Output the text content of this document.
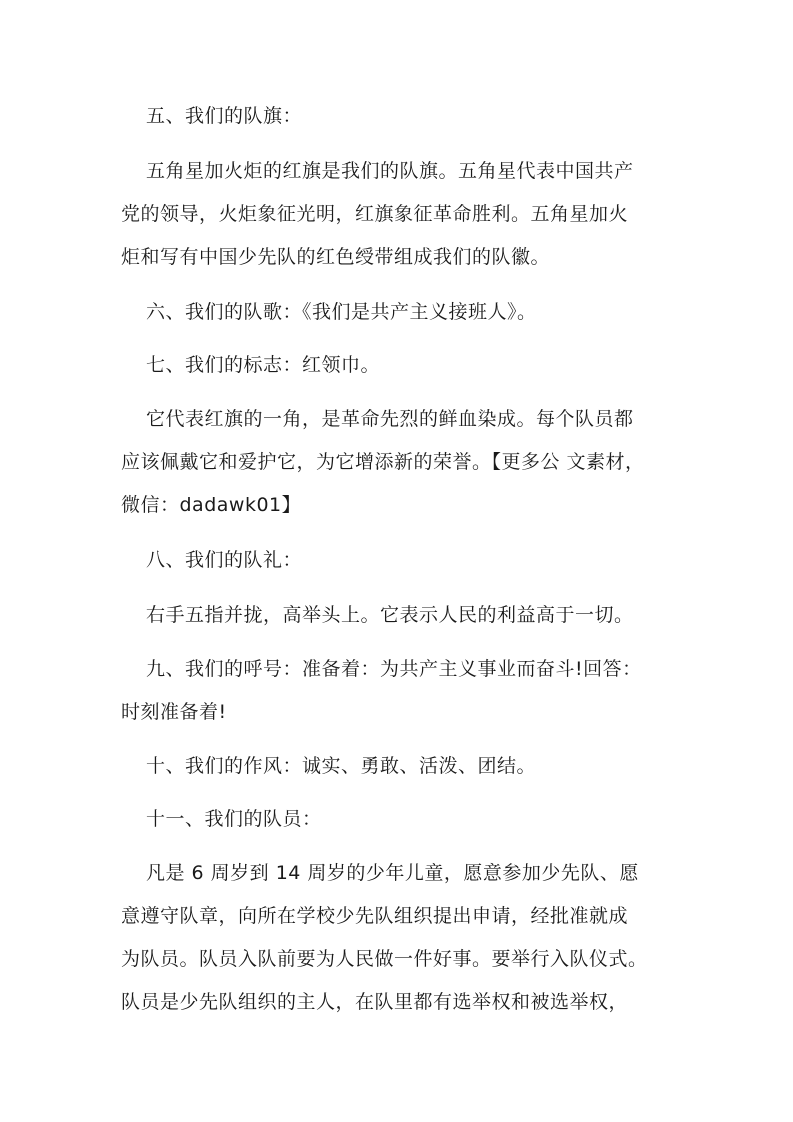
五、我们的队旗：

五角星加火炬的红旗是我们的队旗。五角星代表中国共产
党的领导，火炬象征光明，红旗象征革命胜利。五角星加火
炬和写有中国少先队的红色绶带组成我们的队徽。

六、我们的队歌：《我们是共产主义接班人》。

七、我们的标志：红领巾。

它代表红旗的一角，是革命先烈的鲜血染成。每个队员都
应该佩戴它和爱护它，为它增添新的荣誉。【更多公 文素材，
微信：dadawk01】

八、我们的队礼：

右手五指并拢，高举头上。它表示人民的利益高于一切。

九、我们的呼号：准备着：为共产主义事业而奋斗!回答：
时刻准备着!

十、我们的作风：诚实、勇敢、活泼、团结。

十一、我们的队员：

凡是 6 周岁到 14 周岁的少年儿童，愿意参加少先队、愿
意遵守队章，向所在学校少先队组织提出申请，经批准就成
为队员。队员入队前要为人民做一件好事。要举行入队仪式。
队员是少先队组织的主人，在队里都有选举权和被选举权，
